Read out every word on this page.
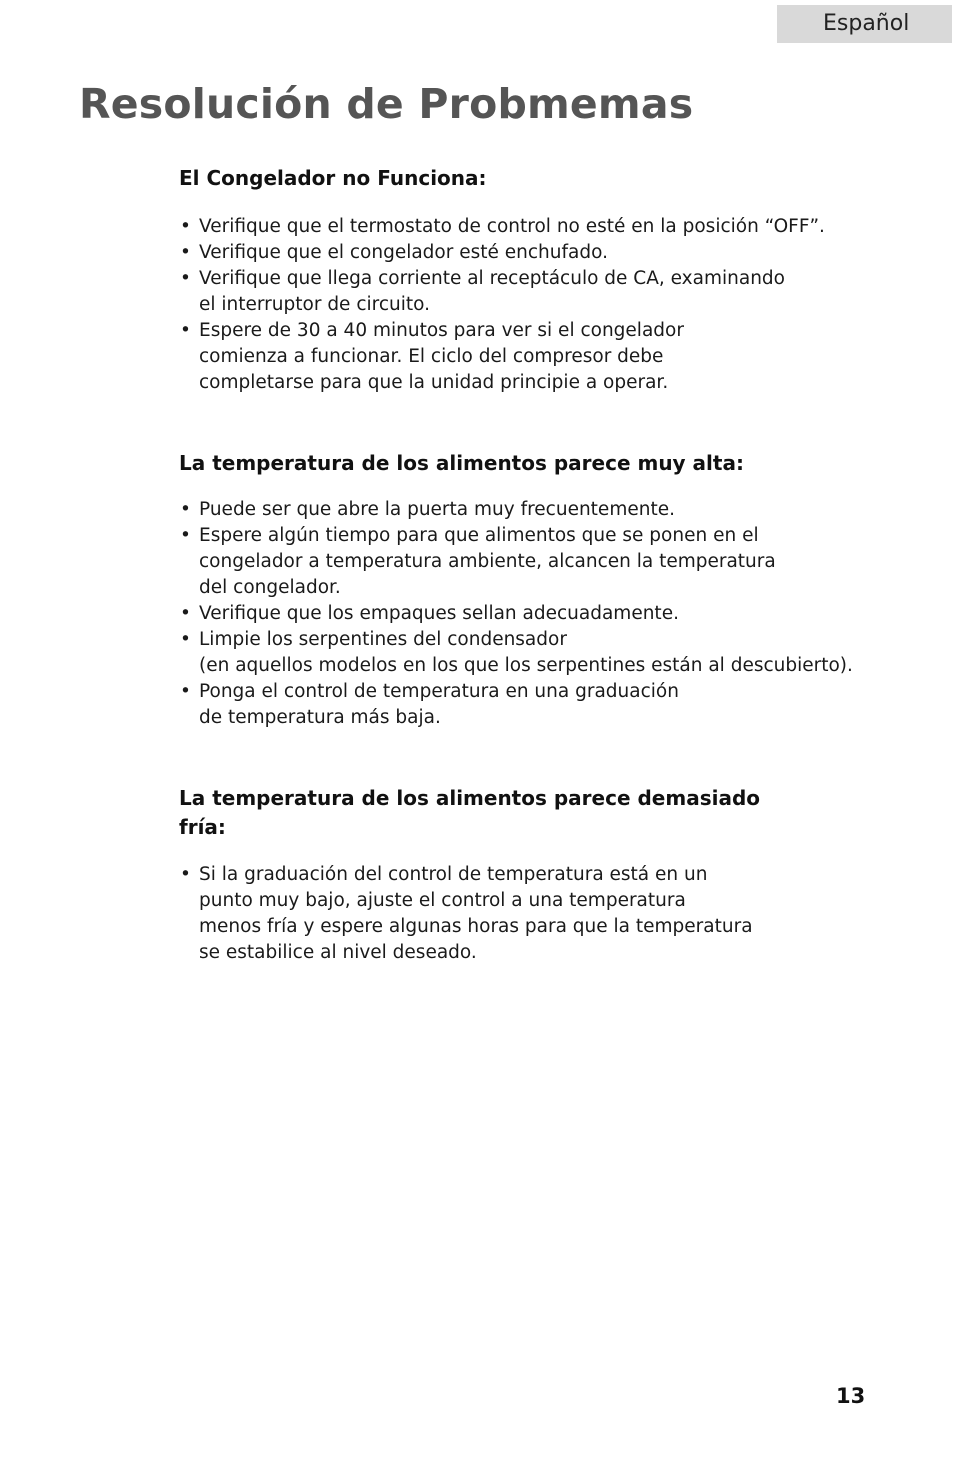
Español
Resolución de Probmemas
El Congelador no Funciona:
• Verifique que el termostato de control no esté en la posición “OFF”.
• Verifique que el congelador esté enchufado.
• Verifique que llega corriente al receptáculo de CA, examinando
el interruptor de circuito.
• Espere de 30 a 40 minutos para ver si el congelador
comienza a funcionar. El ciclo del compresor debe
completarse para que la unidad principie a operar.
La temperatura de los alimentos parece muy alta:
• Puede ser que abre la puerta muy frecuentemente.
• Espere algún tiempo para que alimentos que se ponen en el
congelador a temperatura ambiente, alcancen la temperatura
del congelador.
• Verifique que los empaques sellan adecuadamente.
• Limpie los serpentines del condensador
(en aquellos modelos en los que los serpentines están al descubierto).
• Ponga el control de temperatura en una graduación
de temperatura más baja.
La temperatura de los alimentos parece demasiado
fría:
• Si la graduación del control de temperatura está en un
punto muy bajo, ajuste el control a una temperatura
menos fría y espere algunas horas para que la temperatura
se estabilice al nivel deseado.
13
